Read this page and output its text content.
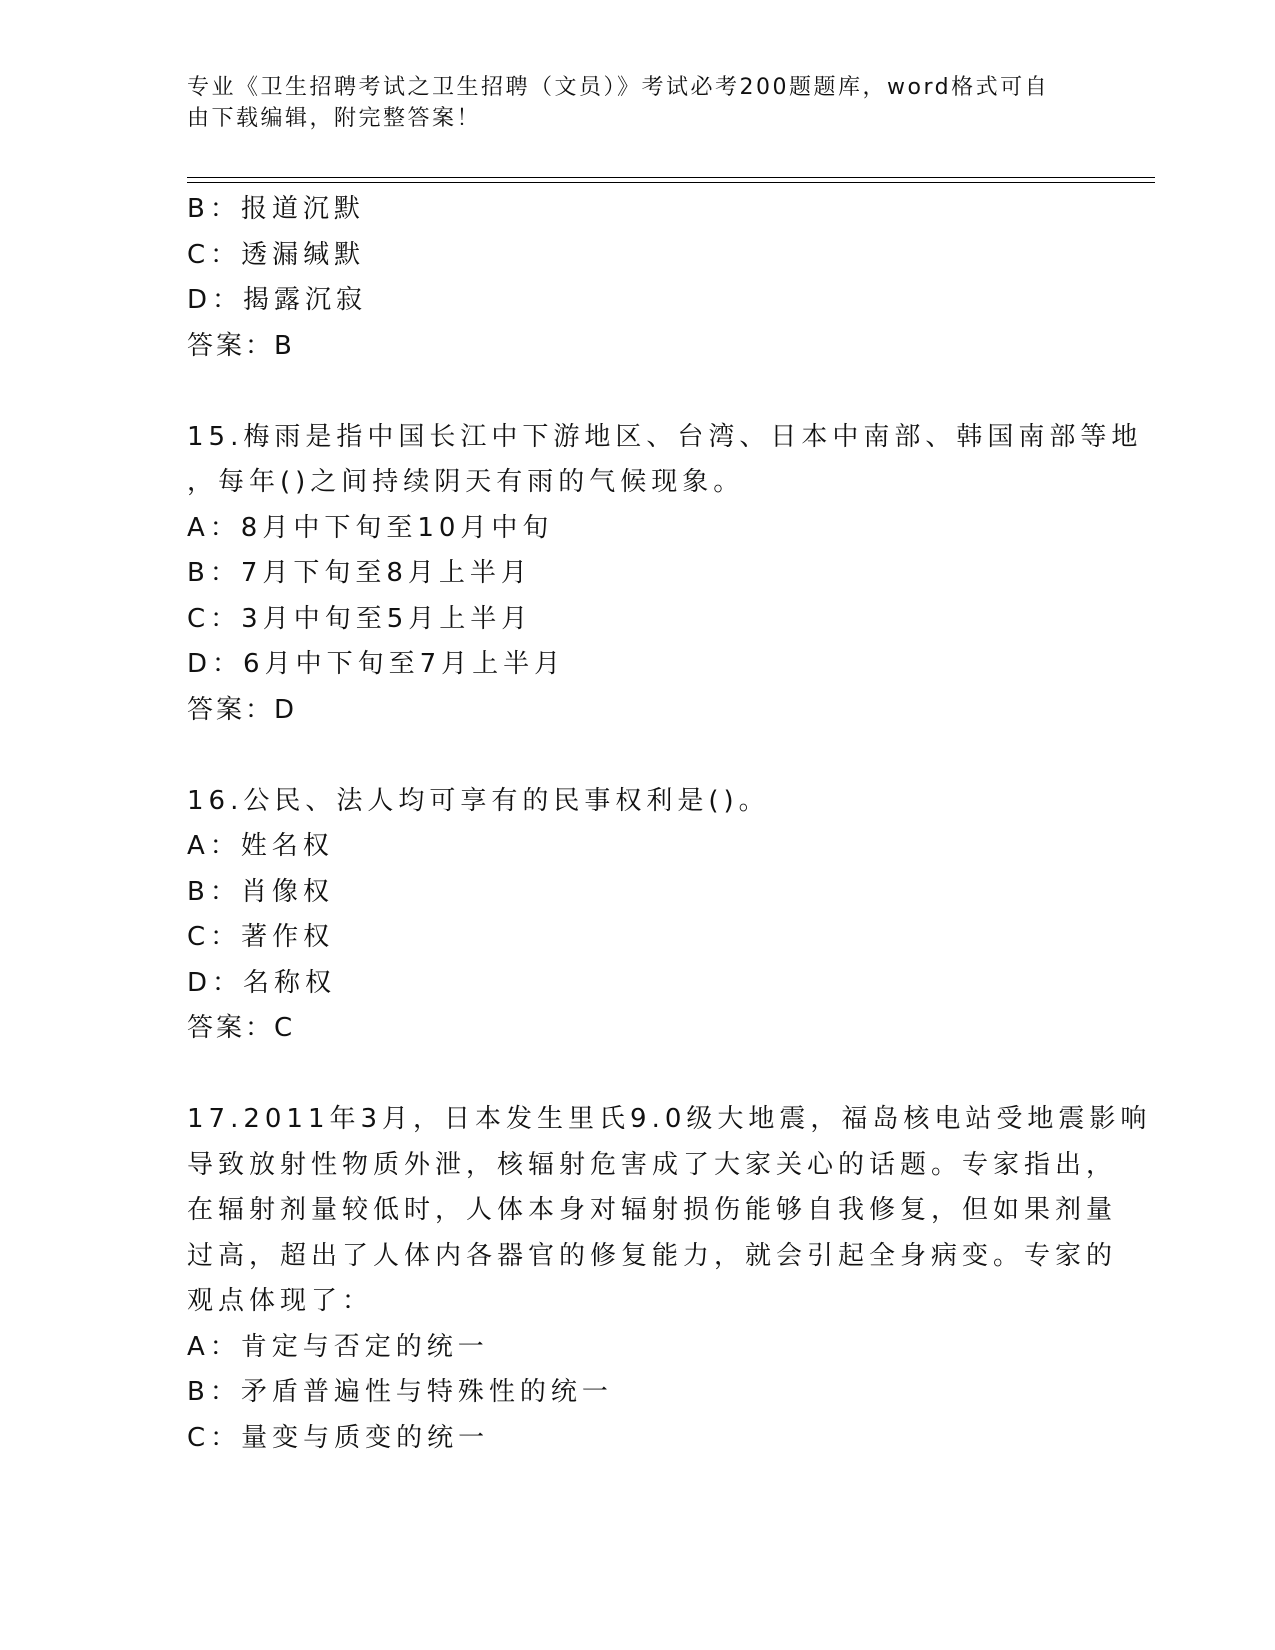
专业《卫生招聘考试之卫生招聘（文员）》考试必考200题题库，word格式可自
由下载编辑，附完整答案！
B：报道沉默
C：透漏缄默
D：揭露沉寂
答案：B
15.梅雨是指中国长江中下游地区、台湾、日本中南部、韩国南部等地
，每年()之间持续阴天有雨的气候现象。
A：8月中下旬至10月中旬
B：7月下旬至8月上半月
C：3月中旬至5月上半月
D：6月中下旬至7月上半月
答案：D
16.公民、法人均可享有的民事权利是()。
A：姓名权
B：肖像权
C：著作权
D：名称权
答案：C
17.2011年3月，日本发生里氏9.0级大地震，福岛核电站受地震影响
导致放射性物质外泄，核辐射危害成了大家关心的话题。专家指出，
在辐射剂量较低时，人体本身对辐射损伤能够自我修复，但如果剂量
过高，超出了人体内各器官的修复能力，就会引起全身病变。专家的
观点体现了：
A：肯定与否定的统一
B：矛盾普遍性与特殊性的统一
C：量变与质变的统一
